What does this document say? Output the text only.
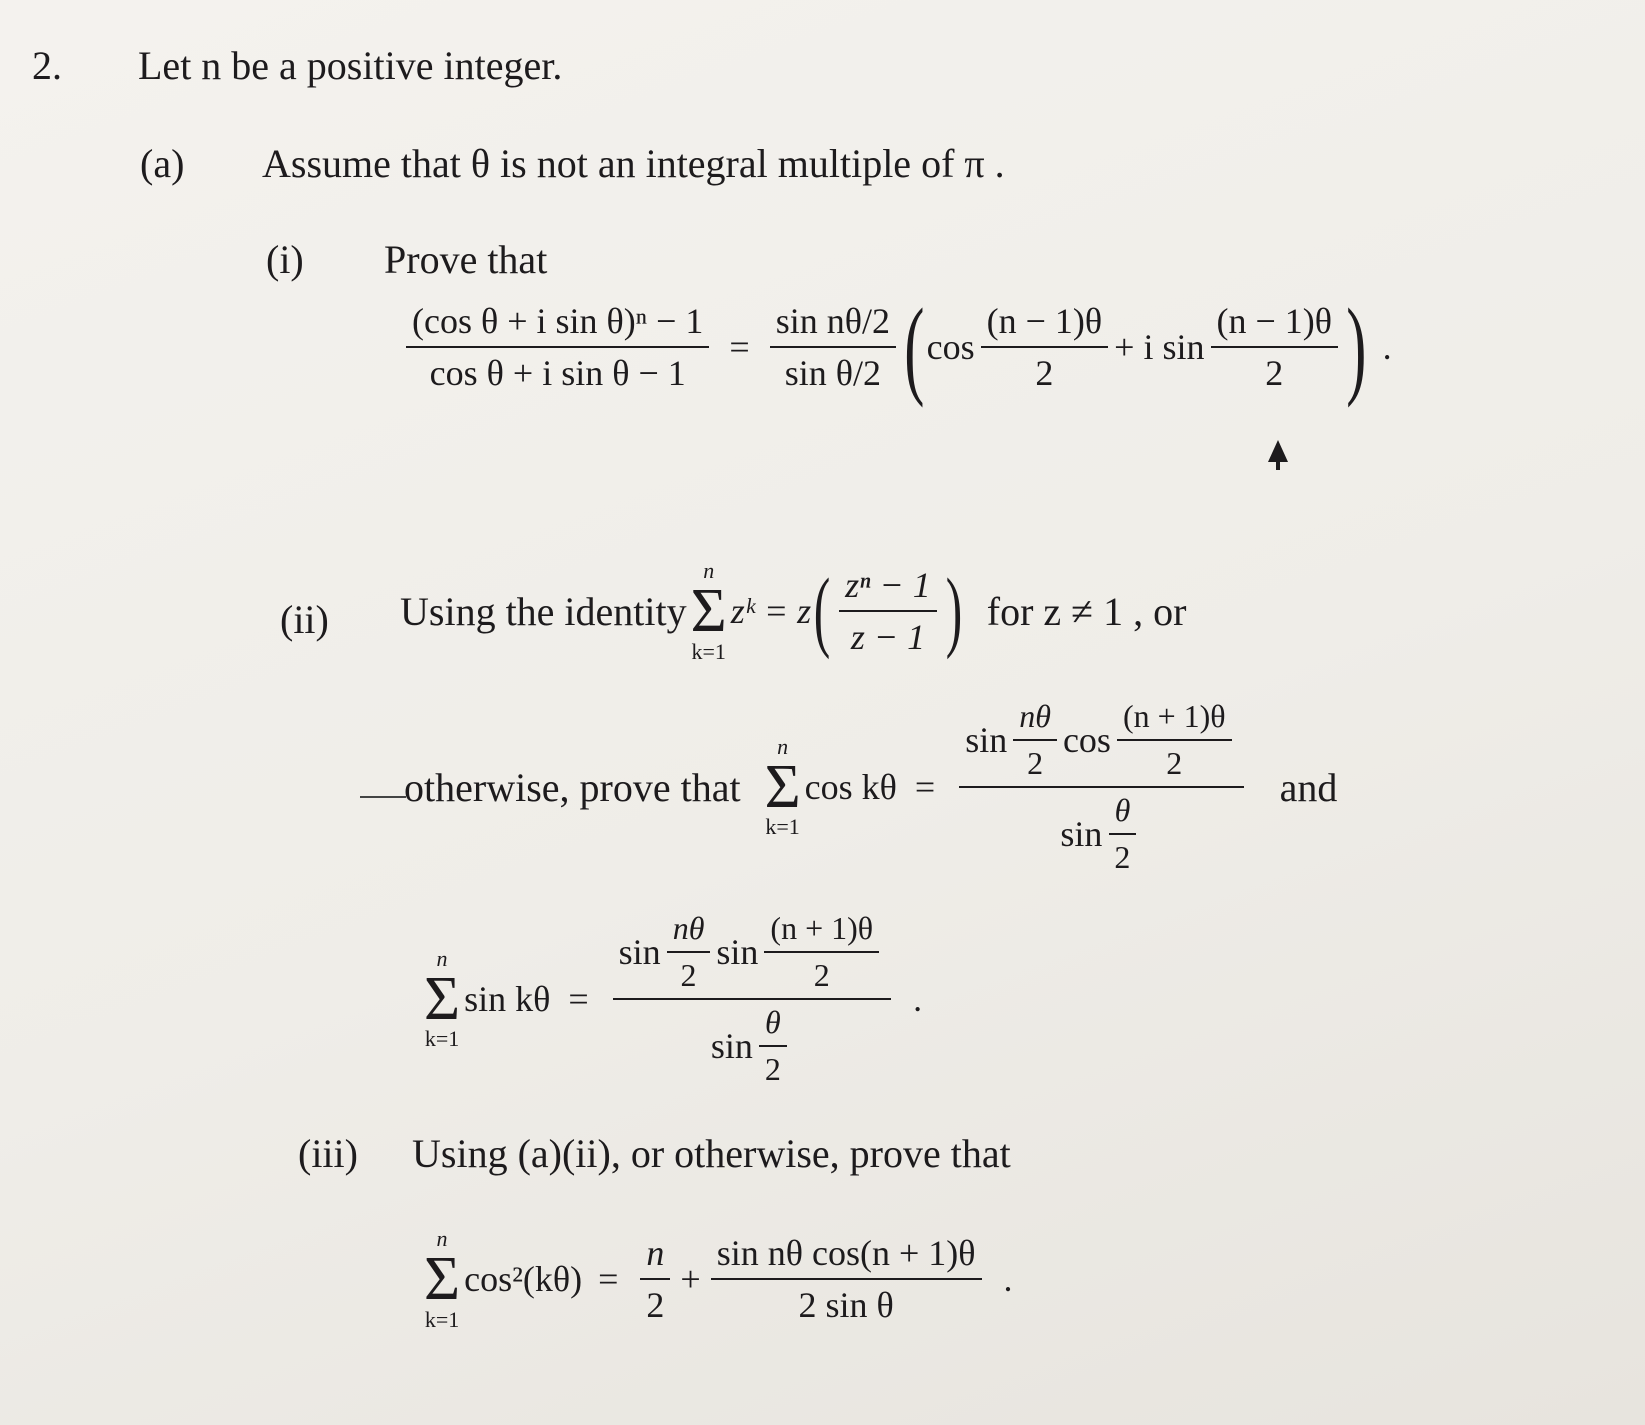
2. Let n be a positive integer.
(a) Assume that θ is not an integral multiple of π .
(i) Prove that
$\frac{\text{(cos θ + i sin θ)ⁿ − 1}}{\text{cos θ + i sin θ − 1}} = \frac{\text{sin nθ/2}}{\text{sin θ/2}}$ ( $\cos \frac{(n - 1)\theta}{2} + i$ $\sin \frac{(n - 1)\theta}{2}$ ) .
(ii) Using the identity
n
Σ
k=1
zᵏ = z ( $\frac{\text{zⁿ − 1}}{z - 1}$ ) for z ≠ 1 , or
otherwise, prove that
n
Σ
k=1
cos kθ =
$\sin \frac{n\theta}{2}$ $\cos \frac{(n + 1)\theta}{2}$
$\sin \frac{\theta}{2}$
and
n
Σ
k=1
sin kθ =
$\sin \frac{n\theta}{2}$ $\sin \frac{(n + 1)\theta}{2}$
$\sin \frac{\theta}{2}$
.
(iii) Using (a)(ii), or otherwise, prove that
n
Σ
k=1
$\cos^2(k\theta) = \frac{n}{2} + \frac{\text{sin nθ cos(n + 1)θ}}{\text{2 sin θ}}$ .
